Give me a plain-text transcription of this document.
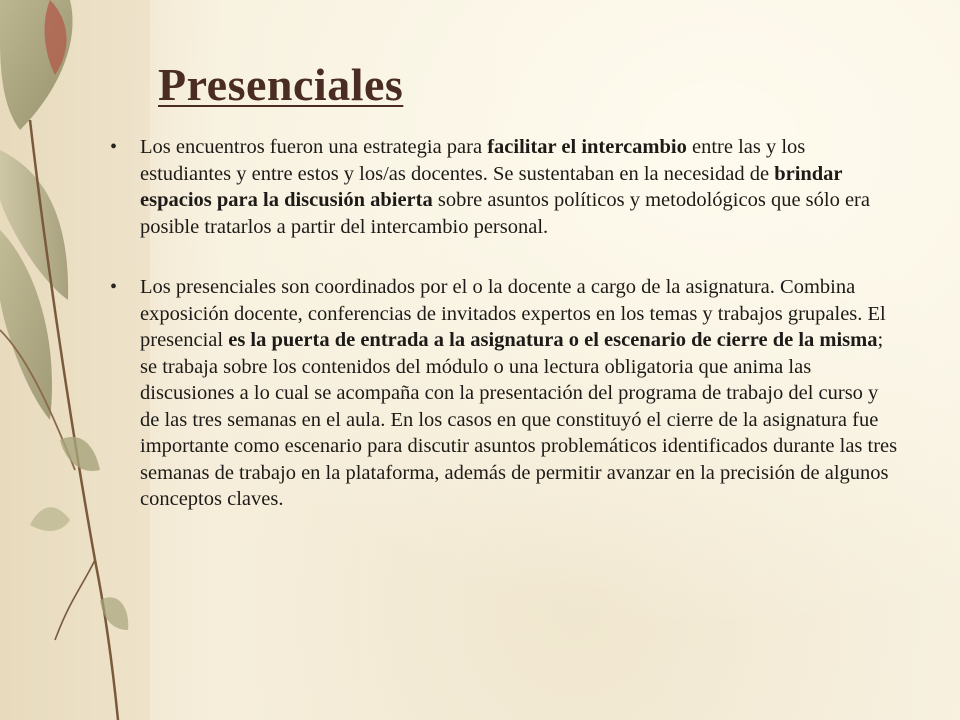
Presenciales

• Los encuentros fueron una estrategia para facilitar el intercambio entre las y los estudiantes y entre estos y los/as docentes. Se sustentaban en la necesidad de brindar espacios para la discusión abierta sobre asuntos políticos y metodológicos que sólo era posible tratarlos a partir del intercambio personal.

• Los presenciales son coordinados por el o la docente a cargo de la asignatura. Combina exposición docente, conferencias de invitados expertos en los temas y trabajos grupales. El presencial es la puerta de entrada a la asignatura o el escenario de cierre de la misma; se trabaja sobre los contenidos del módulo o una lectura obligatoria que anima las discusiones a lo cual se acompaña con la presentación del programa de trabajo del curso y de las tres semanas en el aula. En los casos en que constituyó el cierre de la asignatura fue importante como escenario para discutir asuntos problemáticos identificados durante las tres semanas de trabajo en la plataforma, además de permitir avanzar en la precisión de algunos conceptos claves.
